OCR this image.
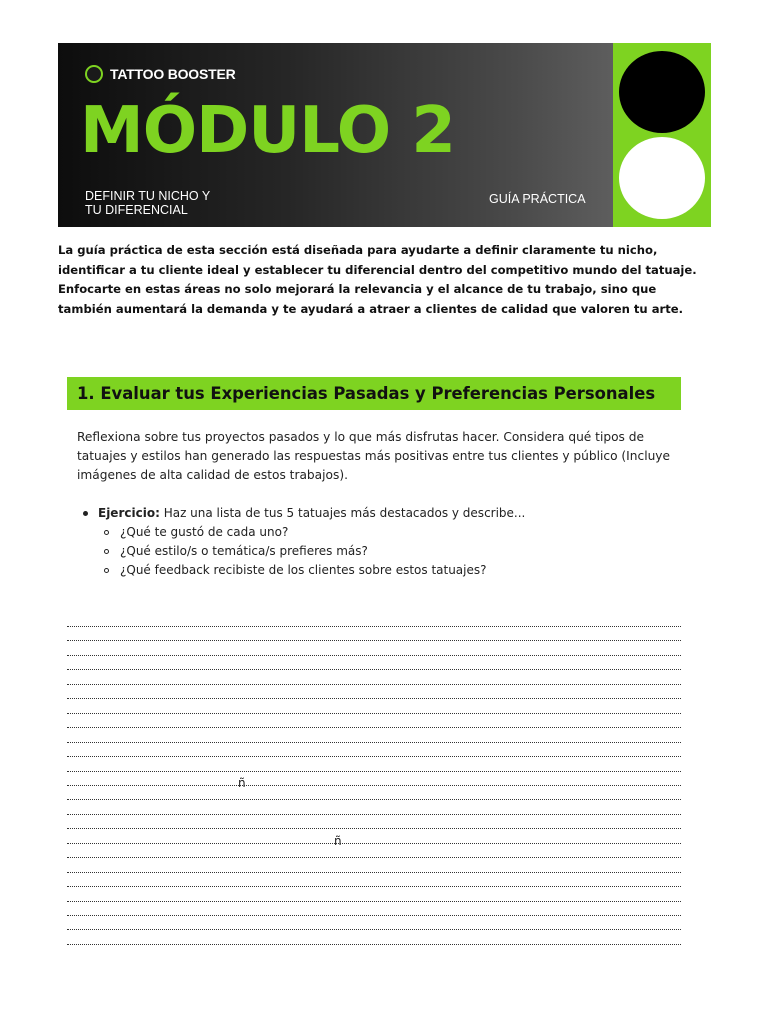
TATTOO BOOSTER
MÓDULO 2
DEFINIR TU NICHO Y
TU DIFERENCIAL
GUÍA PRÁCTICA
La guía práctica de esta sección está diseñada para ayudarte a definir claramente tu nicho, identificar a tu cliente ideal y establecer tu diferencial dentro del competitivo mundo del tatuaje. Enfocarte en estas áreas no solo mejorará la relevancia y el alcance de tu trabajo, sino que también aumentará la demanda y te ayudará a atraer a clientes de calidad que valoren tu arte.
1. Evaluar tus Experiencias Pasadas y Preferencias Personales
Reflexiona sobre tus proyectos pasados y lo que más disfrutas hacer. Considera qué tipos de tatuajes y estilos han generado las respuestas más positivas entre tus clientes y público (Incluye imágenes de alta calidad de estos trabajos).
Ejercicio: Haz una lista de tus 5 tatuajes más destacados y describe...
¿Qué te gustó de cada uno?
¿Qué estilo/s o temática/s prefieres más?
¿Qué feedback recibiste de los clientes sobre estos tatuajes?
ñ
ñ
